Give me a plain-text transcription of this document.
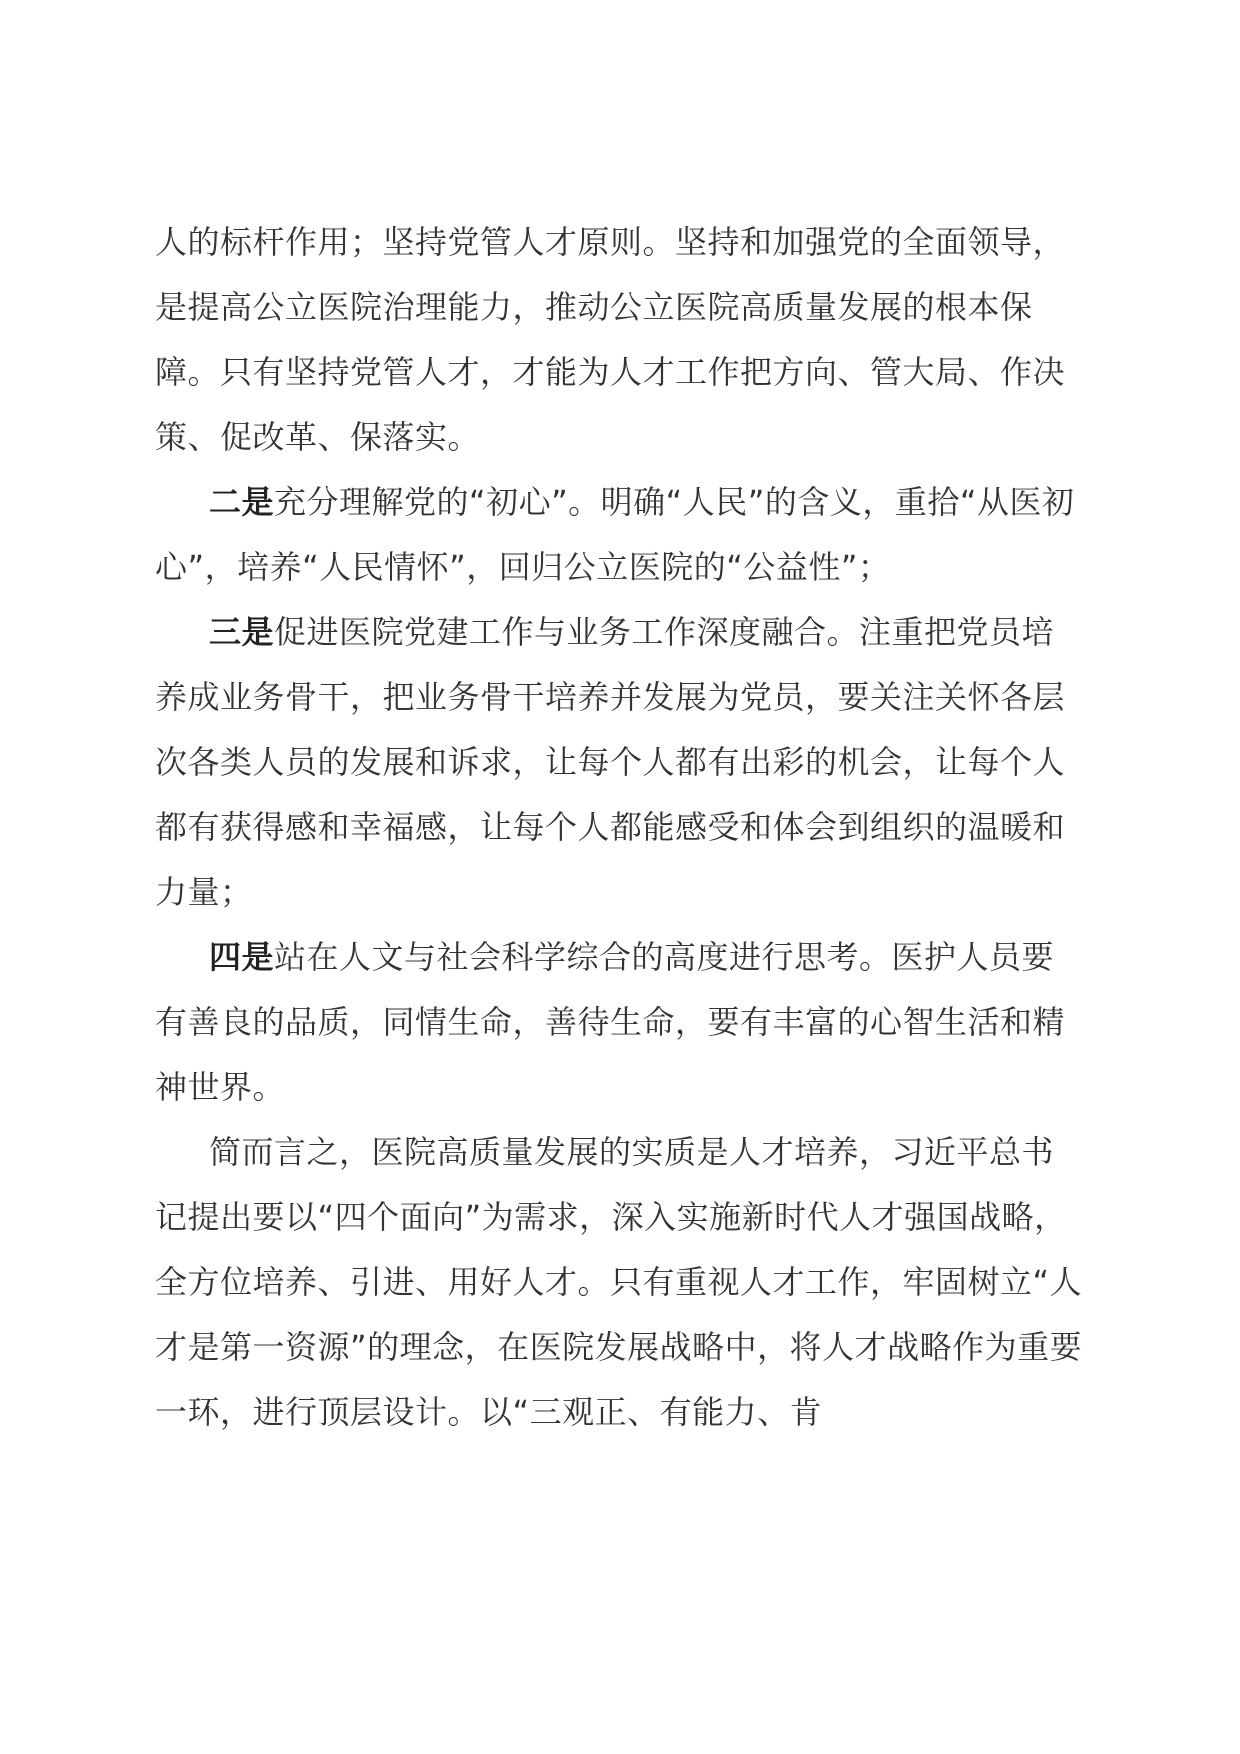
人的标杆作用；坚持党管人才原则。坚持和加强党的全面领导，是提高公立医院治理能力，推动公立医院高质量发展的根本保障。只有坚持党管人才，才能为人才工作把方向、管大局、作决策、促改革、保落实。

二是充分理解党的“初心”。明确“人民”的含义，重拾“从医初心”，培养“人民情怀”，回归公立医院的“公益性”；

三是促进医院党建工作与业务工作深度融合。注重把党员培养成业务骨干，把业务骨干培养并发展为党员，要关注关怀各层次各类人员的发展和诉求，让每个人都有出彩的机会，让每个人都有获得感和幸福感，让每个人都能感受和体会到组织的温暖和力量；

四是站在人文与社会科学综合的高度进行思考。医护人员要有善良的品质，同情生命，善待生命，要有丰富的心智生活和精神世界。

简而言之，医院高质量发展的实质是人才培养，习近平总书记提出要以“四个面向”为需求，深入实施新时代人才强国战略，全方位培养、引进、用好人才。只有重视人才工作，牢固树立“人才是第一资源”的理念，在医院发展战略中，将人才战略作为重要一环，进行顶层设计。以“三观正、有能力、肯
